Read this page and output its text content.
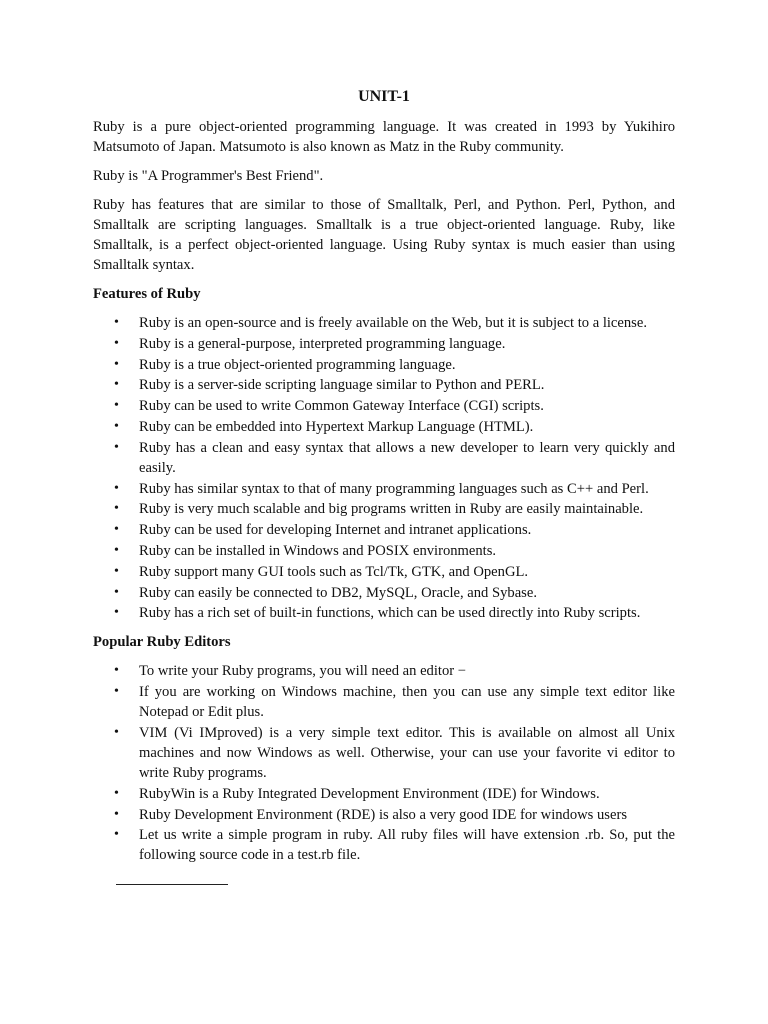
UNIT-1

Ruby is a pure object-oriented programming language. It was created in 1993 by Yukihiro Matsumoto of Japan. Matsumoto is also known as Matz in the Ruby community.

Ruby is "A Programmer's Best Friend".

Ruby has features that are similar to those of Smalltalk, Perl, and Python. Perl, Python, and Smalltalk are scripting languages. Smalltalk is a true object-oriented language. Ruby, like Smalltalk, is a perfect object-oriented language. Using Ruby syntax is much easier than using Smalltalk syntax.

Features of Ruby
• Ruby is an open-source and is freely available on the Web, but it is subject to a license.
• Ruby is a general-purpose, interpreted programming language.
• Ruby is a true object-oriented programming language.
• Ruby is a server-side scripting language similar to Python and PERL.
• Ruby can be used to write Common Gateway Interface (CGI) scripts.
• Ruby can be embedded into Hypertext Markup Language (HTML).
• Ruby has a clean and easy syntax that allows a new developer to learn very quickly and easily.
• Ruby has similar syntax to that of many programming languages such as C++ and Perl.
• Ruby is very much scalable and big programs written in Ruby are easily maintainable.
• Ruby can be used for developing Internet and intranet applications.
• Ruby can be installed in Windows and POSIX environments.
• Ruby support many GUI tools such as Tcl/Tk, GTK, and OpenGL.
• Ruby can easily be connected to DB2, MySQL, Oracle, and Sybase.
• Ruby has a rich set of built-in functions, which can be used directly into Ruby scripts.
Popular Ruby Editors
• To write your Ruby programs, you will need an editor −
• If you are working on Windows machine, then you can use any simple text editor like Notepad or Edit plus.
• VIM (Vi IMproved) is a very simple text editor. This is available on almost all Unix machines and now Windows as well. Otherwise, your can use your favorite vi editor to write Ruby programs.
• RubyWin is a Ruby Integrated Development Environment (IDE) for Windows.
• Ruby Development Environment (RDE) is also a very good IDE for windows users
• Let us write a simple program in ruby. All ruby files will have extension .rb. So, put the following source code in a test.rb file.
